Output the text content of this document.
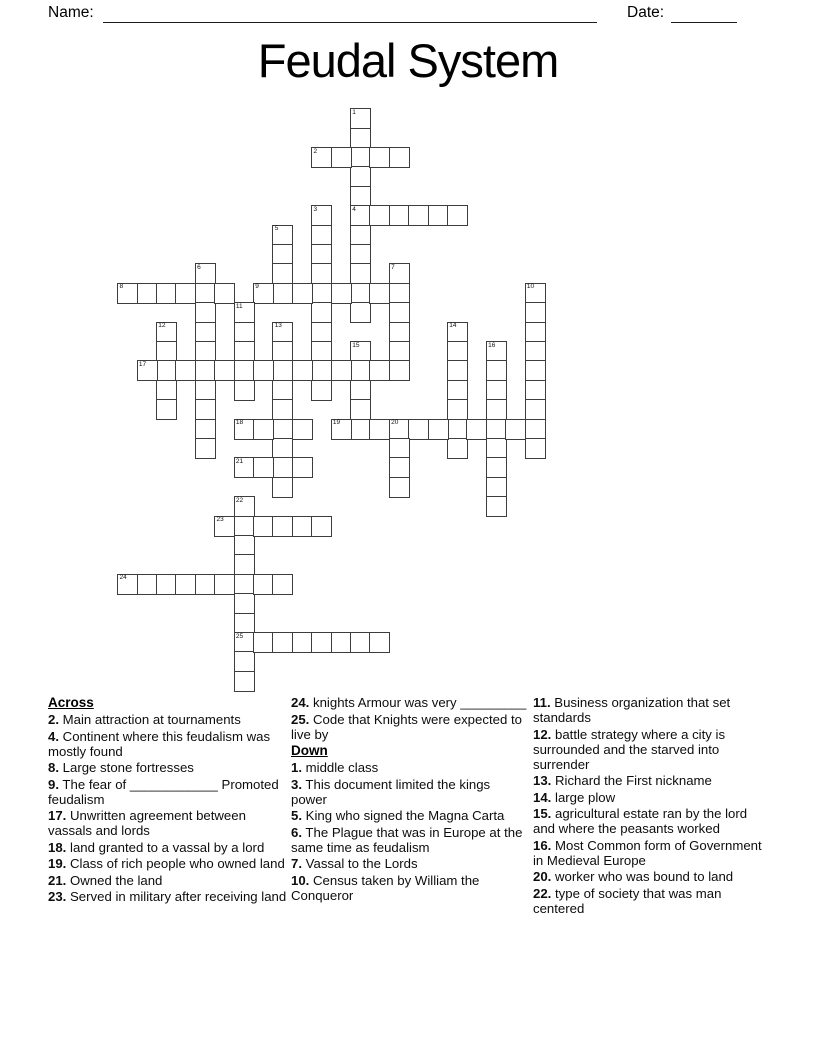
Name:	Date:
Feudal System
1
4
2
3
5
6	7
8	9	10
11
12	13	14
15	16
17
18	19	20
21
22
25
23
24
Across
2. Main attraction at tournaments
4. Continent where this feudalism was mostly found
8. Large stone fortresses
9. The fear of ____________ Promoted feudalism
17. Unwritten agreement between vassals and lords
18. land granted to a vassal by a lord
19. Class of rich people who owned land
21. Owned the land
23. Served in military after receiving land
24. knights Armour was very _________
25. Code that Knights were expected to live by
Down
1. middle class
3. This document limited the kings power
5. King who signed the Magna Carta
6. The Plague that was in Europe at the same time as feudalism
7. Vassal to the Lords
10. Census taken by William the Conqueror
11. Business organization that set standards
12. battle strategy where a city is surrounded and the starved into surrender
13. Richard the First nickname
14. large plow
15. agricultural estate ran by the lord and where the peasants worked
16. Most Common form of Government in Medieval Europe
20. worker who was bound to land
22. type of society that was man centered
